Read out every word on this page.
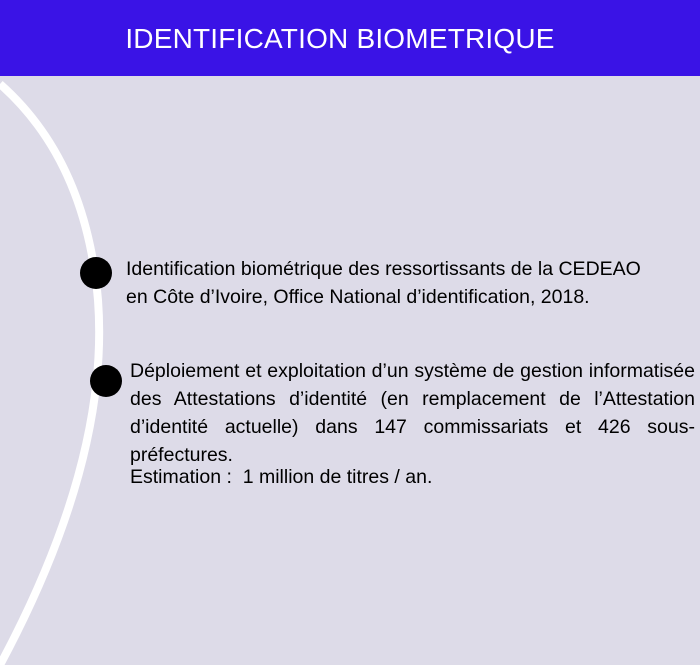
IDENTIFICATION BIOMETRIQUE

Identification biométrique des ressortissants de la CEDEAO en Côte d’Ivoire, Office National d’identification, 2018.

Déploiement et exploitation d’un système de gestion informatisée des Attestations d’identité (en remplacement de l’Attestation d’identité actuelle) dans 147 commissariats et 426 sous-préfectures.

Estimation :  1 million de titres / an.
